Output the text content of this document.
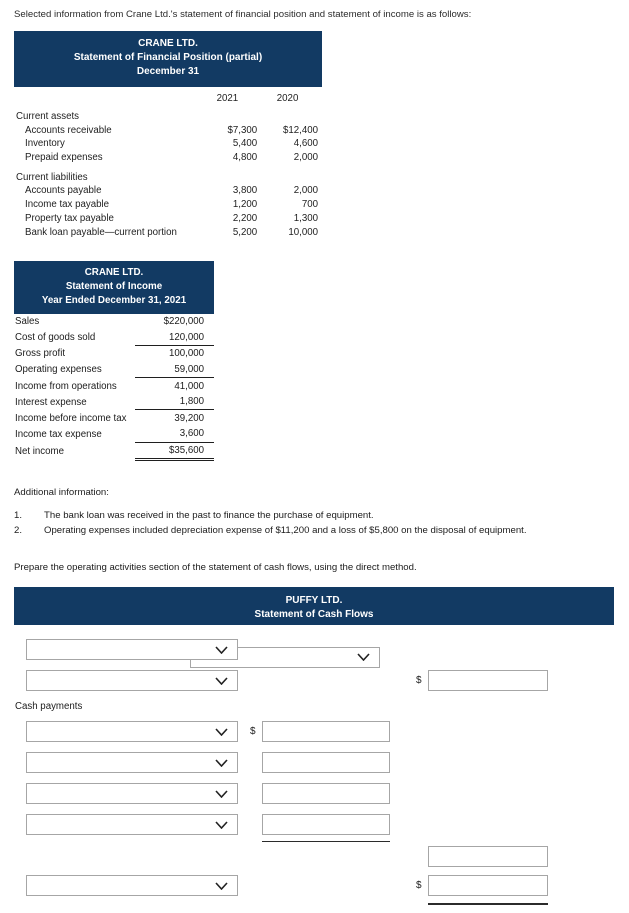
Selected information from Crane Ltd.'s statement of financial position and statement of income is as follows:
CRANE LTD.
Statement of Financial Position (partial)
December 31
	2021	2020
Current assets		
Accounts receivable	$7,300	$12,400
Inventory	5,400	4,600
Prepaid expenses	4,800	2,000
Current liabilities		
Accounts payable	3,800	2,000
Income tax payable	1,200	700
Property tax payable	2,200	1,300
Bank loan payable—current portion	5,200	10,000
CRANE LTD.
Statement of Income
Year Ended December 31, 2021
Sales	$220,000
Cost of goods sold	120,000
Gross profit	100,000
Operating expenses	59,000
Income from operations	41,000
Interest expense	1,800
Income before income tax	39,200
Income tax expense	3,600
Net income	$35,600
Additional information:
1.	The bank loan was received in the past to finance the purchase of equipment.
2.	Operating expenses included depreciation expense of $11,200 and a loss of $5,800 on the disposal of equipment.
Prepare the operating activities section of the statement of cash flows, using the direct method.
PUFFY LTD.
Statement of Cash Flows
$
Cash payments
$
$
